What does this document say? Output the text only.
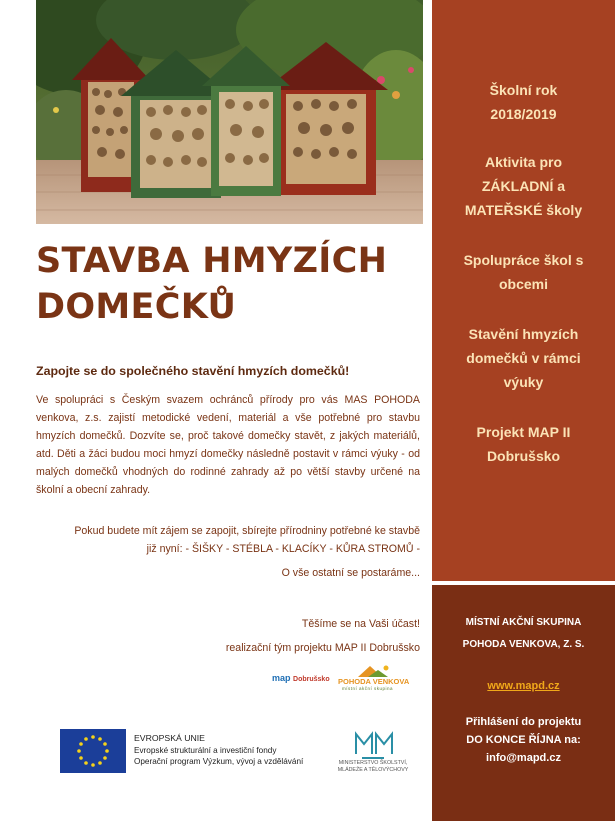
STAVBA HMYZÍCH
DOMEČKŮ
Zapojte se do společného stavění hmyzích domečků!

Ve spolupráci s Českým svazem ochránců přírody pro vás MAS POHODA venkova, z.s. zajistí metodické vedení, materiál a vše potřebné pro stavbu hmyzích domečků. Dozvíte se, proč takové domečky stavět, z jakých materiálů, atd. Děti a žáci budou moci hmyzí domečky následně postavit v rámci výuky - od malých domečků vhodných do rodinné zahrady až po větší stavby určené na školní a obecní zahrady.

Pokud budete mít zájem se zapojit, sbírejte přírodniny potřebné ke stavbě
již nyní: - ŠIŠKY - STÉBLA - KLACÍKY - KŮRA STROMŮ -
O vše ostatní se postaráme...
Těšíme se na Vaši účast!
realizační tým projektu MAP II Dobrušsko
map Dobrušsko POHODA VENKOVA
místní akční skupina
EVROPSKÁ UNIE
Evropské strukturální a investiční fondy
Operační program Výzkum, vývoj a vzdělávání	MINISTERSTVO ŠKOLSTVÍ,
MLÁDEŽE A TĚLOVÝCHOVY
Školní rok
2018/2019
Aktivita pro
ZÁKLADNÍ a
MATEŘSKÉ školy
Spolupráce škol s
obcemi
Stavění hmyzích
domečků v rámci
výuky
Projekt MAP II
Dobrušsko
MÍSTNÍ AKČNÍ SKUPINA
POHODA VENKOVA, Z. S.
www.mapd.cz
Přihlášení do projektu
DO KONCE ŘÍJNA na:
info@mapd.cz
